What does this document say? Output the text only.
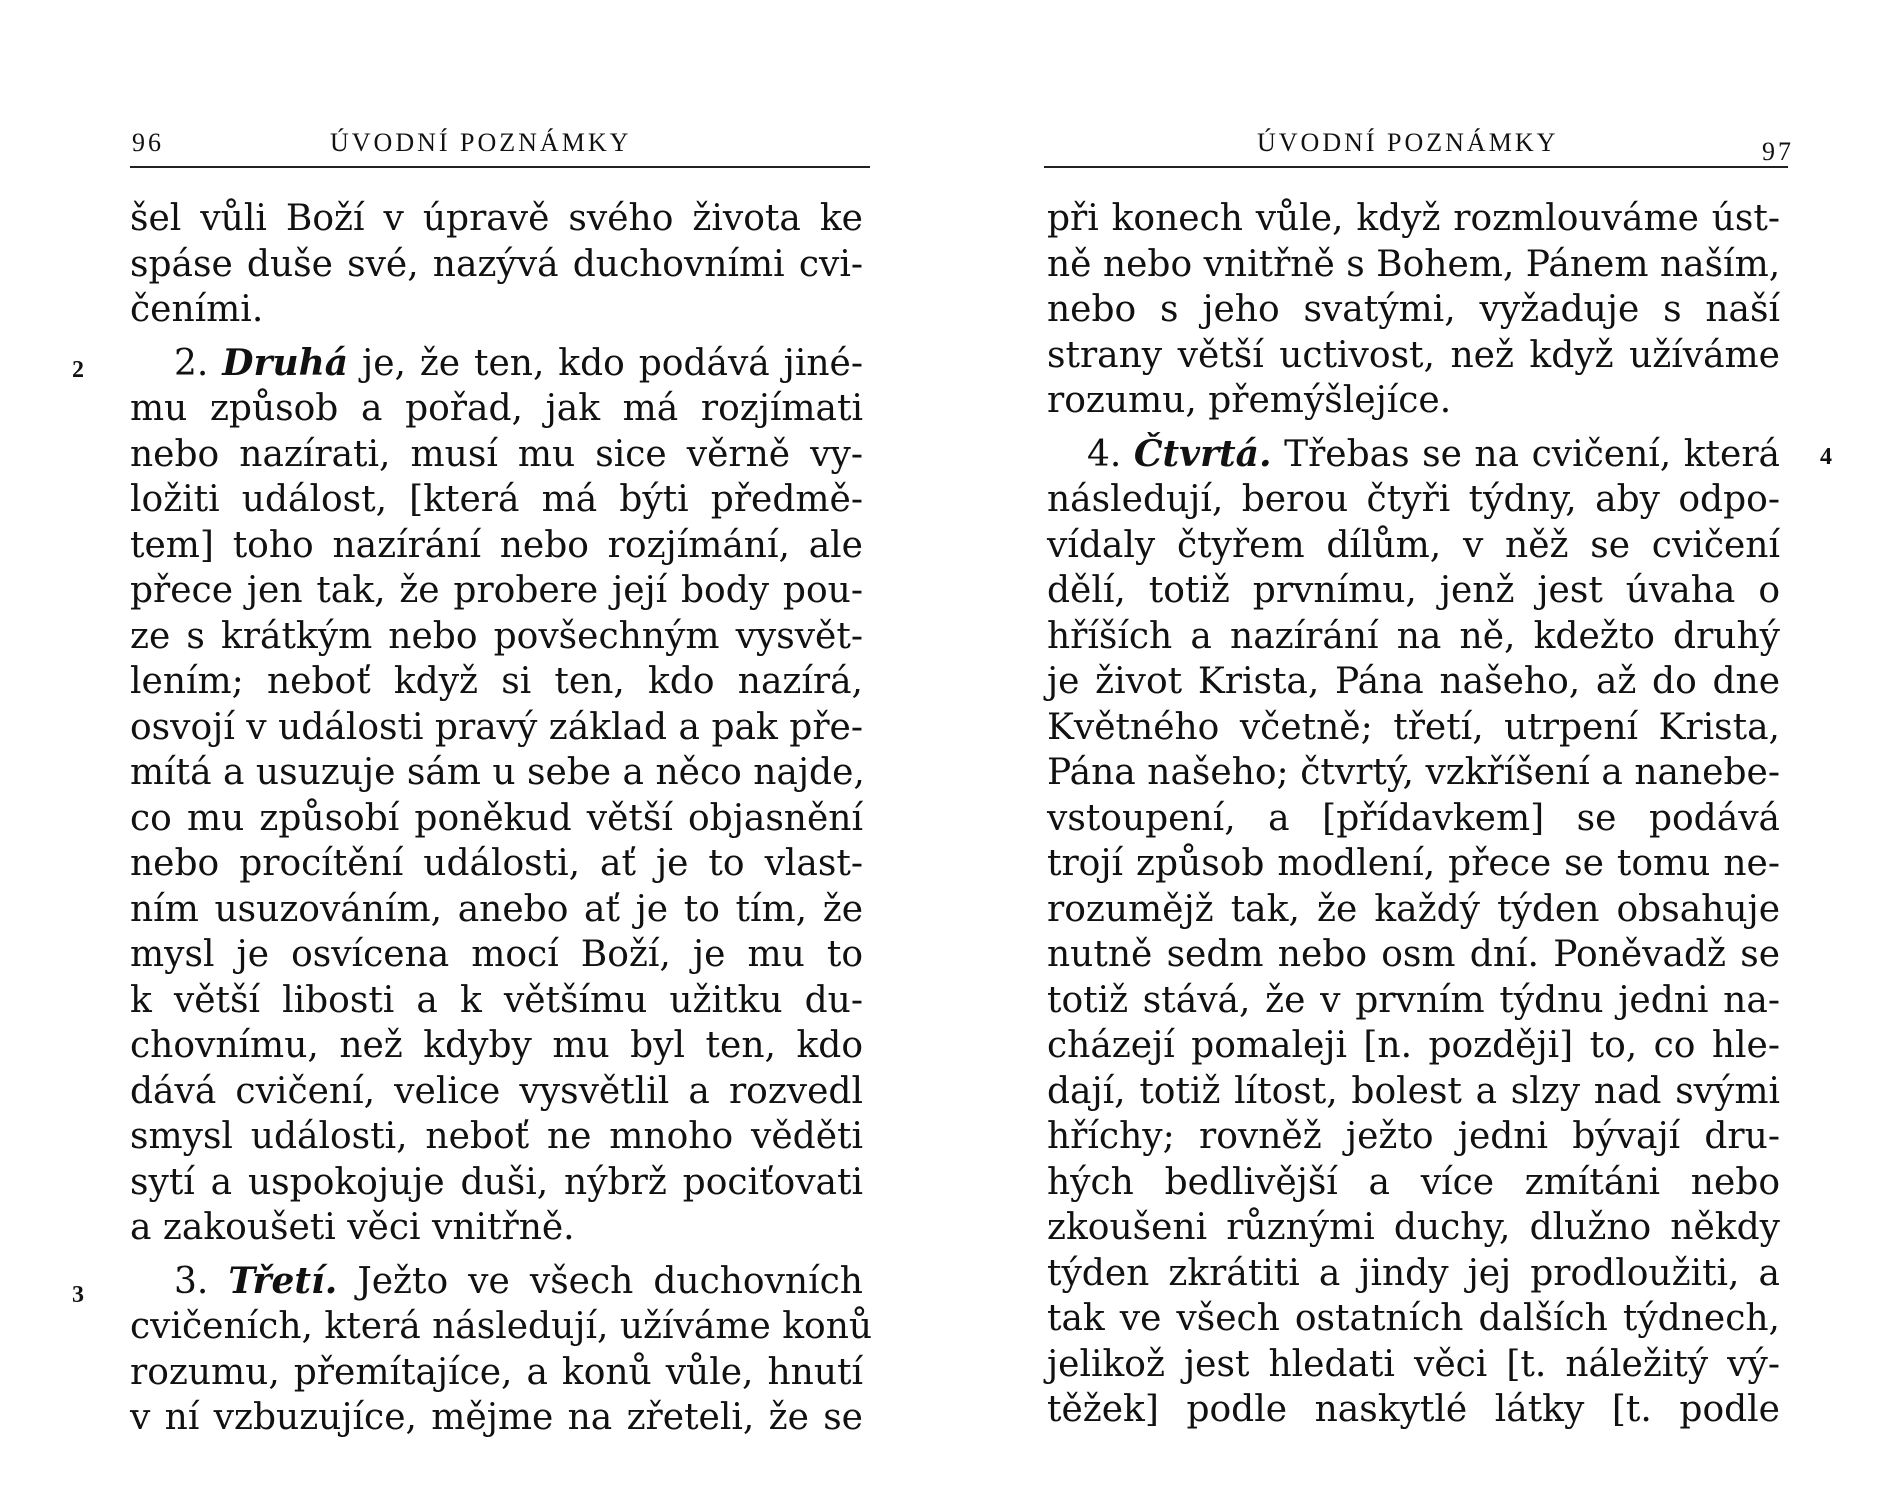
96	ÚVODNÍ POZNÁMKY
2
3
šel vůli Boží v úpravě svého života ke
spáse duše své, nazývá duchovními cvi-
čeními.
2. Druhá je, že ten, kdo podává jiné-
mu způsob a pořad, jak má rozjímati
nebo nazírati, musí mu sice věrně vy-
ložiti událost, [která má býti předmě-
tem] toho nazírání nebo rozjímání, ale
přece jen tak, že probere její body pou-
ze s krátkým nebo povšechným vysvět-
lením; neboť když si ten, kdo nazírá,
osvojí v události pravý základ a pak pře-
mítá a usuzuje sám u sebe a něco najde,
co mu způsobí poněkud větší objasnění
nebo procítění události, ať je to vlast-
ním usuzováním, anebo ať je to tím, že
mysl je osvícena mocí Boží, je mu to
k větší libosti a k většímu užitku du-
chovnímu, než kdyby mu byl ten, kdo
dává cvičení, velice vysvětlil a rozvedl
smysl události, neboť ne mnoho věděti
sytí a uspokojuje duši, nýbrž pociťovati
a zakoušeti věci vnitřně.
3. Třetí. Ježto ve všech duchovních
cvičeních, která následují, užíváme konů
rozumu, přemítajíce, a konů vůle, hnutí
v ní vzbuzujíce, mějme na zřeteli, že se
ÚVODNÍ POZNÁMKY	97
4
při konech vůle, když rozmlouváme úst-
ně nebo vnitřně s Bohem, Pánem naším,
nebo s jeho svatými, vyžaduje s naší
strany větší uctivost, než když užíváme
rozumu, přemýšlejíce.
4. Čtvrtá. Třebas se na cvičení, která
následují, berou čtyři týdny, aby odpo-
vídaly čtyřem dílům, v něž se cvičení
dělí, totiž prvnímu, jenž jest úvaha o
hříších a nazírání na ně, kdežto druhý
je život Krista, Pána našeho, až do dne
Květného včetně; třetí, utrpení Krista,
Pána našeho; čtvrtý, vzkříšení a nanebe-
vstoupení, a [přídavkem] se podává
trojí způsob modlení, přece se tomu ne-
rozumějž tak, že každý týden obsahuje
nutně sedm nebo osm dní. Poněvadž se
totiž stává, že v prvním týdnu jedni na-
cházejí pomaleji [n. později] to, co hle-
dají, totiž lítost, bolest a slzy nad svými
hříchy; rovněž ježto jedni bývají dru-
hých bedlivější a více zmítáni nebo
zkoušeni různými duchy, dlužno někdy
týden zkrátiti a jindy jej prodloužiti, a
tak ve všech ostatních dalších týdnech,
jelikož jest hledati věci [t. náležitý vý-
těžek] podle naskytlé látky [t. podle
